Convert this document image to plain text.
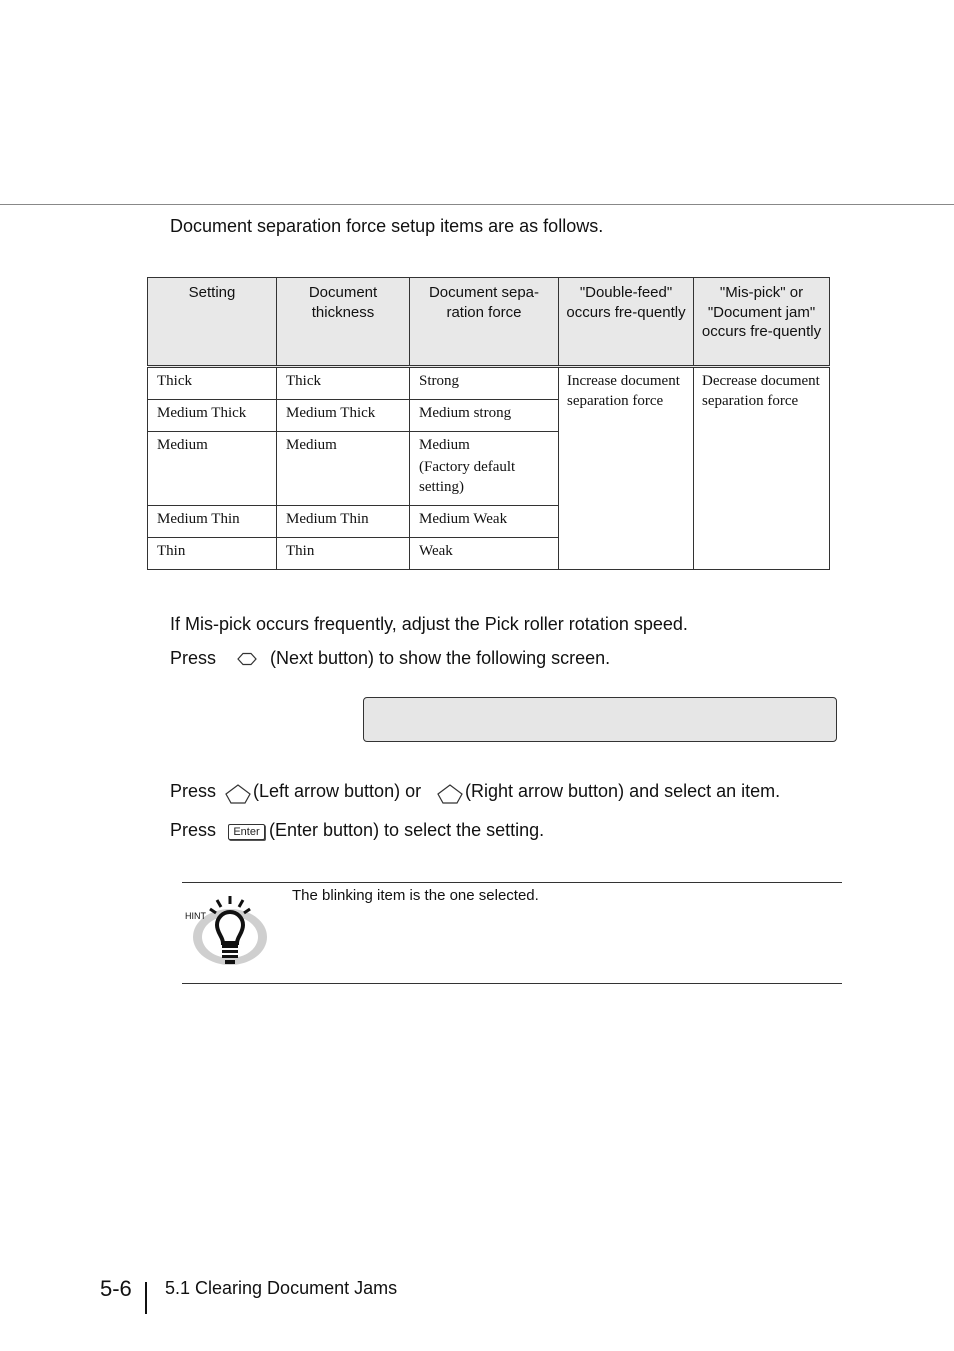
Document separation force setup items are as follows.
Setting	Document thickness	Document sepa-ration force	"Double-feed" occurs fre-quently	"Mis-pick" or "Document jam" occurs fre-quently
Thick	Thick	Strong	Increase document separation force	Decrease document separation force
Medium Thick	Medium Thick	Medium strong		
Medium	Medium	Medium
(Factory default setting)		

Medium Thin	Medium Thin	Medium Weak		
Thin	Thin	Weak		
If Mis-pick occurs frequently, adjust the Pick roller rotation speed.
Press	(Next button) to show the following screen.
Press (Left arrow button) or (Right arrow button) and select an item.
Press	Enter (Enter button) to select the setting.
HINT
The blinking item is the one selected.
5-6 5.1 Clearing Document Jams
